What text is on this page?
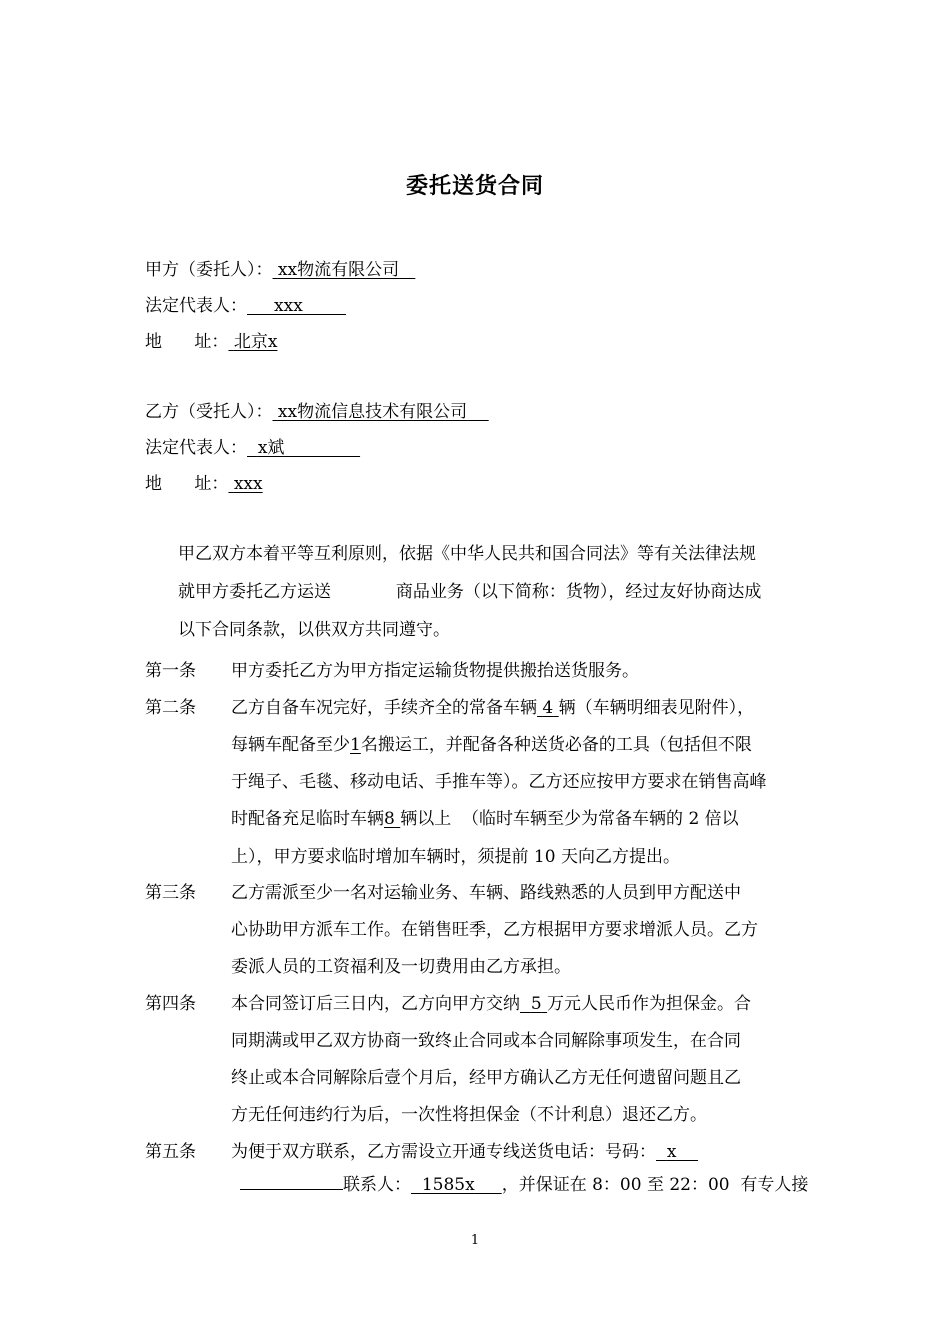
委托送货合同
甲方（委托人）： xx物流有限公司
法定代表人： xxx
地      址： 北京x
乙方（受托人）： xx物流信息技术有限公司
法定代表人： x斌
地      址： xxx
甲乙双方本着平等互利原则，依据《中华人民共和国合同法》等有关法律法规
就甲方委托乙方运送            商品业务（以下简称：货物），经过友好协商达成
以下合同条款，以供双方共同遵守。
第一条 甲方委托乙方为甲方指定运输货物提供搬抬送货服务。
第二条 乙方自备车况完好，手续齐全的常备车辆 4 辆（车辆明细表见附件），
每辆车配备至少1名搬运工，并配备各种送货必备的工具（包括但不限
于绳子、毛毯、移动电话、手推车等）。乙方还应按甲方要求在销售高峰
时配备充足临时车辆8 辆以上  （临时车辆至少为常备车辆的 2 倍以
上），甲方要求临时增加车辆时，须提前 10 天向乙方提出。
第三条 乙方需派至少一名对运输业务、车辆、路线熟悉的人员到甲方配送中
心协助甲方派车工作。在销售旺季，乙方根据甲方要求增派人员。乙方
委派人员的工资福利及一切费用由乙方承担。
第四条 本合同签订后三日内，乙方向甲方交纳 5 万元人民币作为担保金。合
同期满或甲乙双方协商一致终止合同或本合同解除事项发生，在合同
终止或本合同解除后壹个月后，经甲方确认乙方无任何遗留问题且乙
方无任何违约行为后，一次性将担保金（不计利息）退还乙方。
第五条 为便于双方联系，乙方需设立开通专线送货电话：号码： x
联系人： 1585x ，并保证在 8：00 至 22：00  有专人接
1
